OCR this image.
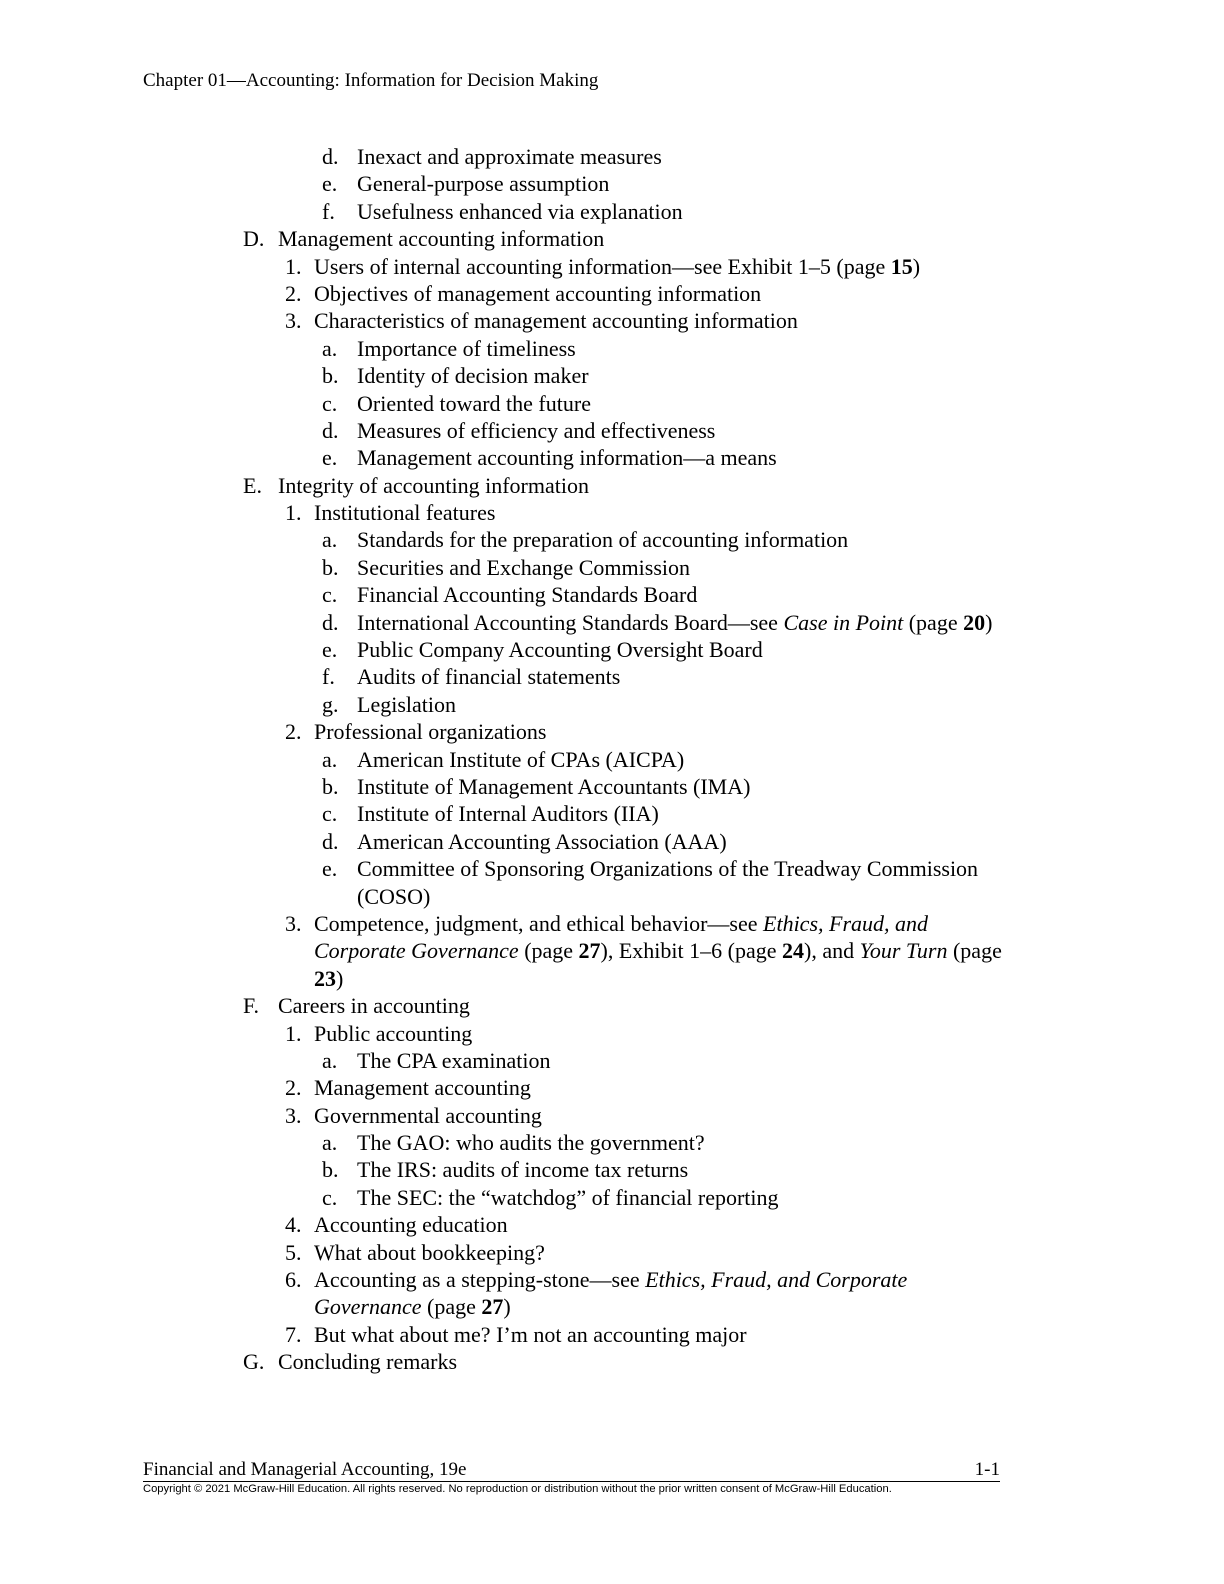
Chapter 01—Accounting: Information for Decision Making
d. Inexact and approximate measures
e. General-purpose assumption
f. Usefulness enhanced via explanation
D. Management accounting information
1. Users of internal accounting information—see Exhibit 1–5 (page 15)
2. Objectives of management accounting information
3. Characteristics of management accounting information
a. Importance of timeliness
b. Identity of decision maker
c. Oriented toward the future
d. Measures of efficiency and effectiveness
e. Management accounting information—a means
E. Integrity of accounting information
1. Institutional features
a. Standards for the preparation of accounting information
b. Securities and Exchange Commission
c. Financial Accounting Standards Board
d. International Accounting Standards Board—see Case in Point (page 20)
e. Public Company Accounting Oversight Board
f. Audits of financial statements
g. Legislation
2. Professional organizations
a. American Institute of CPAs (AICPA)
b. Institute of Management Accountants (IMA)
c. Institute of Internal Auditors (IIA)
d. American Accounting Association (AAA)
e. Committee of Sponsoring Organizations of the Treadway Commission
(COSO)
3. Competence, judgment, and ethical behavior—see Ethics, Fraud, and
Corporate Governance (page 27), Exhibit 1–6 (page 24), and Your Turn (page
23)
F. Careers in accounting
1. Public accounting
a. The CPA examination
2. Management accounting
3. Governmental accounting
a. The GAO: who audits the government?
b. The IRS: audits of income tax returns
c. The SEC: the “watchdog” of financial reporting
4. Accounting education
5. What about bookkeeping?
6. Accounting as a stepping-stone—see Ethics, Fraud, and Corporate
Governance (page 27)
7. But what about me? I’m not an accounting major
G. Concluding remarks
Financial and Managerial Accounting, 19e	1-1
Copyright © 2021 McGraw-Hill Education. All rights reserved. No reproduction or distribution without the prior written consent of McGraw-Hill Education.
